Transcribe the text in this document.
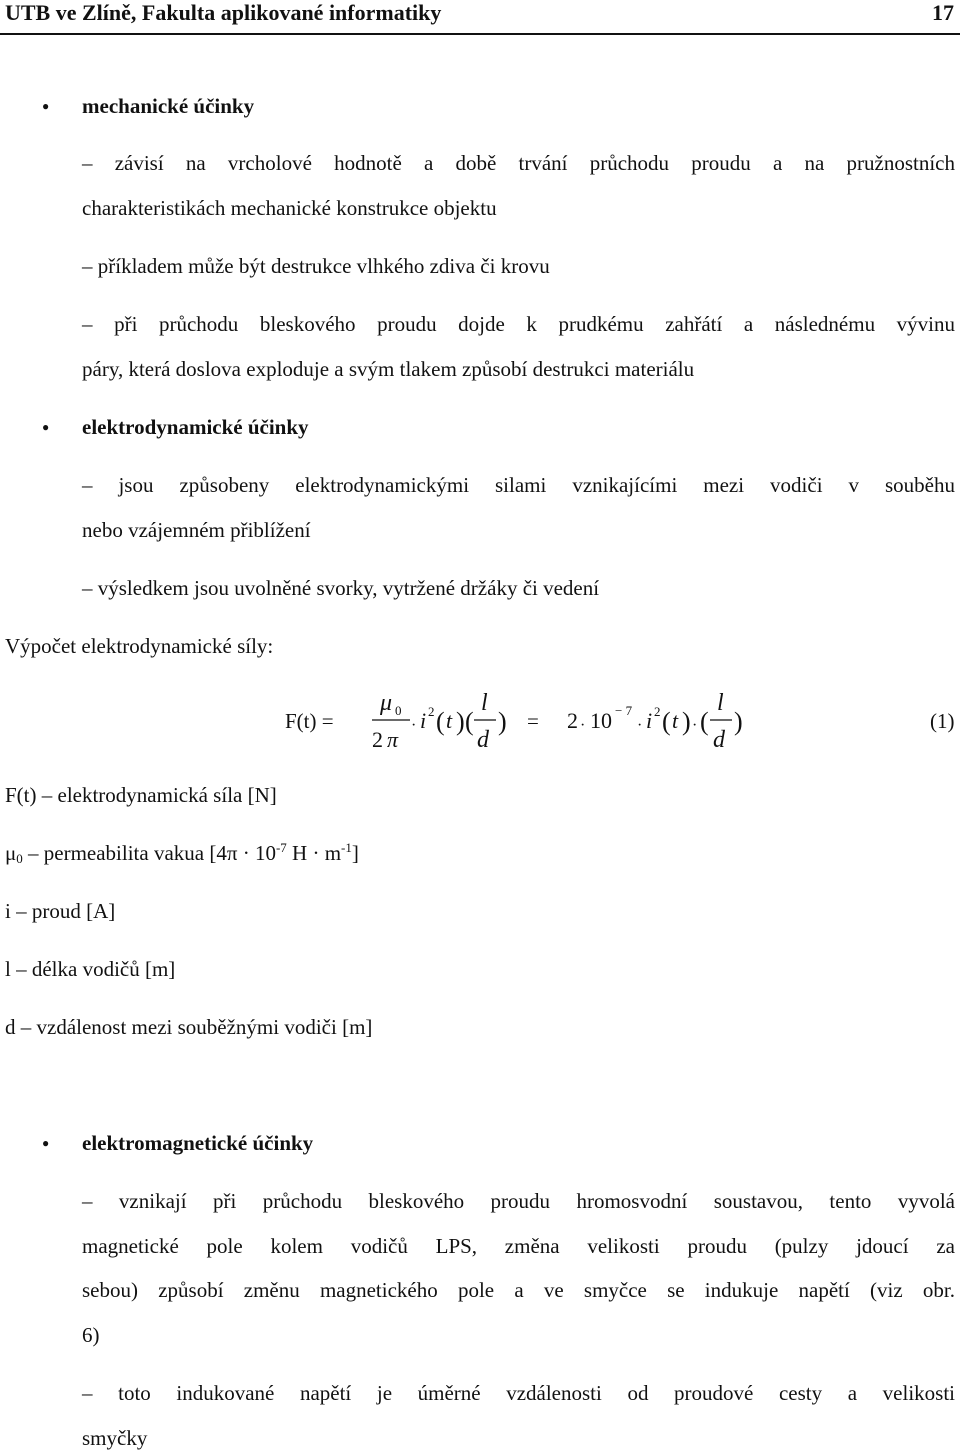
UTB ve Zlíně, Fakulta aplikované informatiky	17
● mechanické účinky
– závisí na vrcholové hodnotě a době trvání průchodu proudu a na pružnostních
charakteristikách mechanické konstrukce objektu
– příkladem může být destrukce vlhkého zdiva či krovu
– při průchodu bleskového proudu dojde k prudkému zahřátí a následnému vývinu
páry, která doslova exploduje a svým tlakem způsobí destrukci materiálu
● elektrodynamické účinky
– jsou způsobeny elektrodynamickými silami vznikajícími mezi vodiči v souběhu
nebo vzájemném přiblížení
– výsledkem jsou uvolněné svorky, vytržené držáky či vedení
Výpočet elektrodynamické síly:
F(t) =
μ 0
2 π
· i 2 ( t ) (
l
d
) = 2 · 10 − 7
· i 2 ( t ) · (
l
d
)	(1)
F(t) – elektrodynamická síla [N]
$\mu_0$ – permeabilita vakua [$4\pi \cdot 10^{-7}$ $H \cdot m^{-1}$]
i – proud [A]
l – délka vodičů [m]
d – vzdálenost mezi souběžnými vodiči [m]
● elektromagnetické účinky
– vznikají při průchodu bleskového proudu hromosvodní soustavou, tento vyvolá
magnetické pole kolem vodičů LPS, změna velikosti proudu (pulzy jdoucí za
sebou) způsobí změnu magnetického pole a ve smyčce se indukuje napětí (viz obr.
6)
– toto indukované napětí je úměrné vzdálenosti od proudové cesty a velikosti
smyčky
